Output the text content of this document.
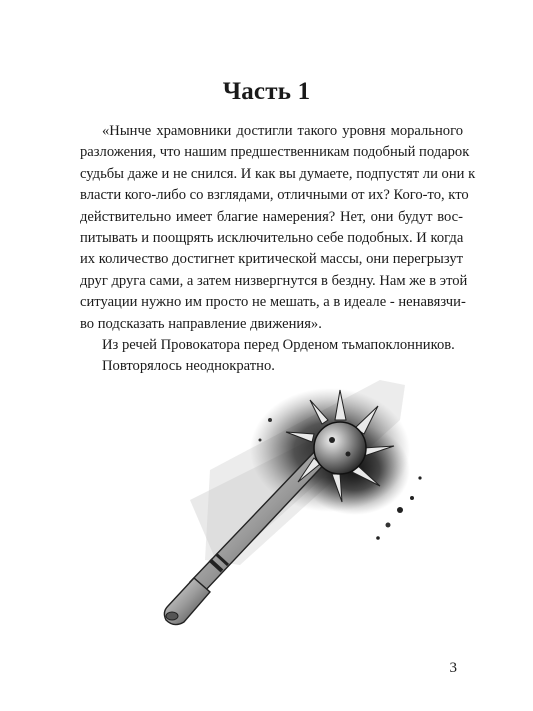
Часть 1

«Нынче храмовники достигли такого уровня морального

разложения, что нашим предшественникам подобный подарок

судьбы даже и не снился. И как вы думаете, подпустят ли они к

власти кого-либо со взглядами, отличными от их? Кого-то, кто

действительно имеет благие намерения? Нет, они будут вос-

питывать и поощрять исключительно себе подобных. И когда

их количество достигнет критической массы, они перегрызут

друг друга сами, а затем низвергнутся в бездну. Нам же в этой

ситуации нужно им просто не мешать, а в идеале - ненавязчи-

во подсказать направление движения».

Из речей Провокатора перед Орденом тьмапоклонников.

Повторялось неоднократно.

3
